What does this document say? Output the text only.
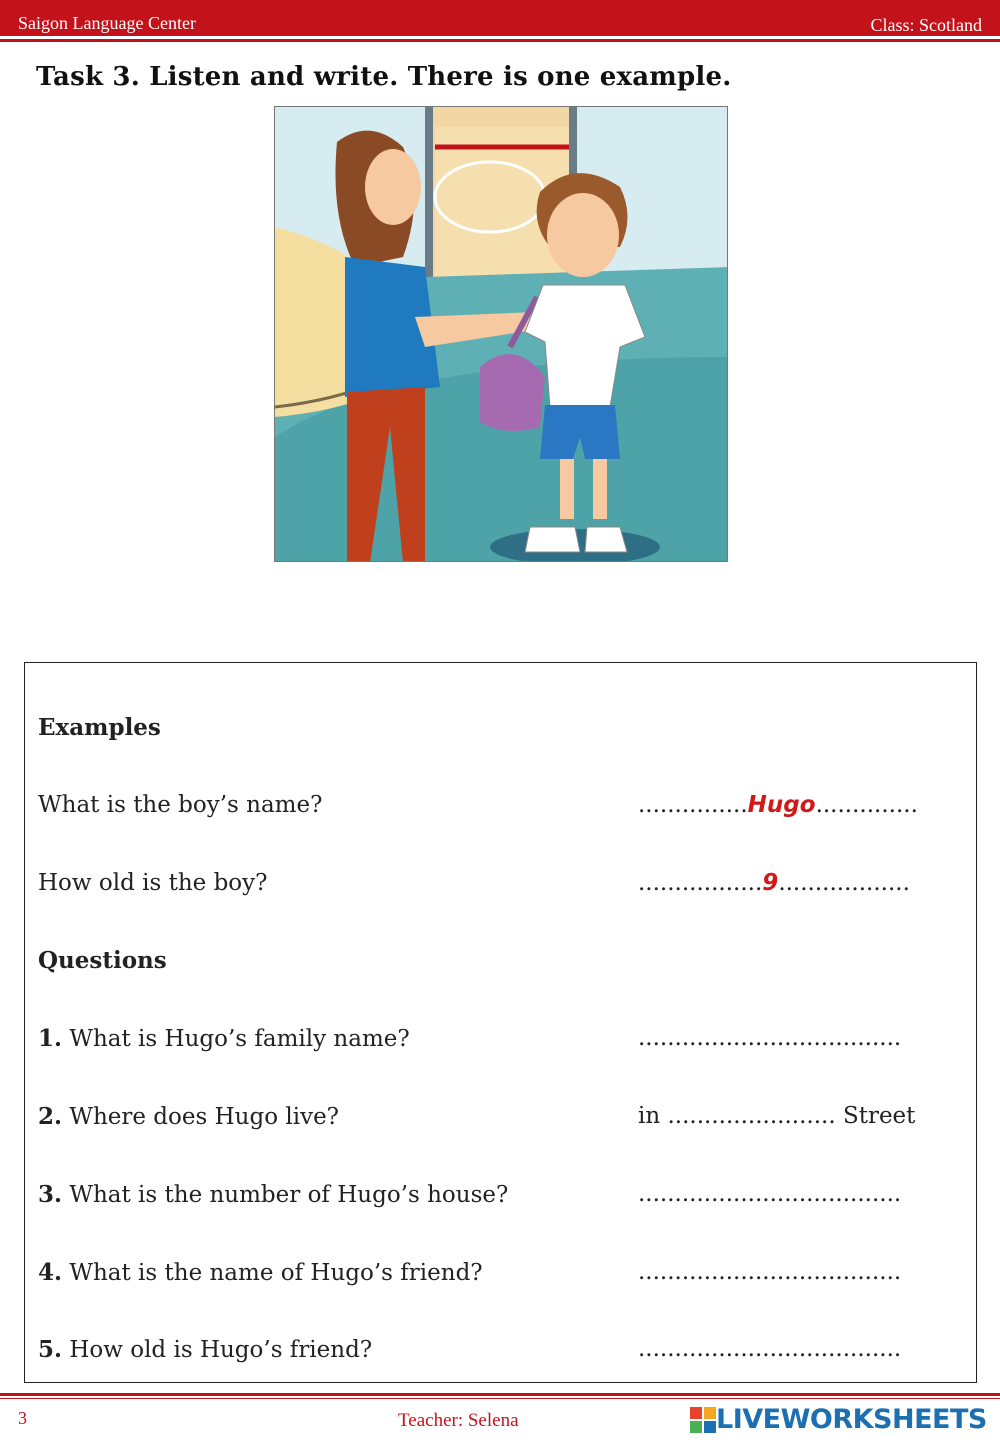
Saigon Language Center	Class: Scotland
Task 3. Listen and write. There is one example.
Examples
What is the boy’s name?	...............Hugo..............
How old is the boy?	.................9..................
Questions
1. What is Hugo’s family name?	....................................
2. Where does Hugo live?	in ....................... Street
3. What is the number of Hugo’s house?	....................................
4. What is the name of Hugo’s friend?	....................................
5. How old is Hugo’s friend?	....................................
3	Teacher: Selena	LIVEWORKSHEETS
